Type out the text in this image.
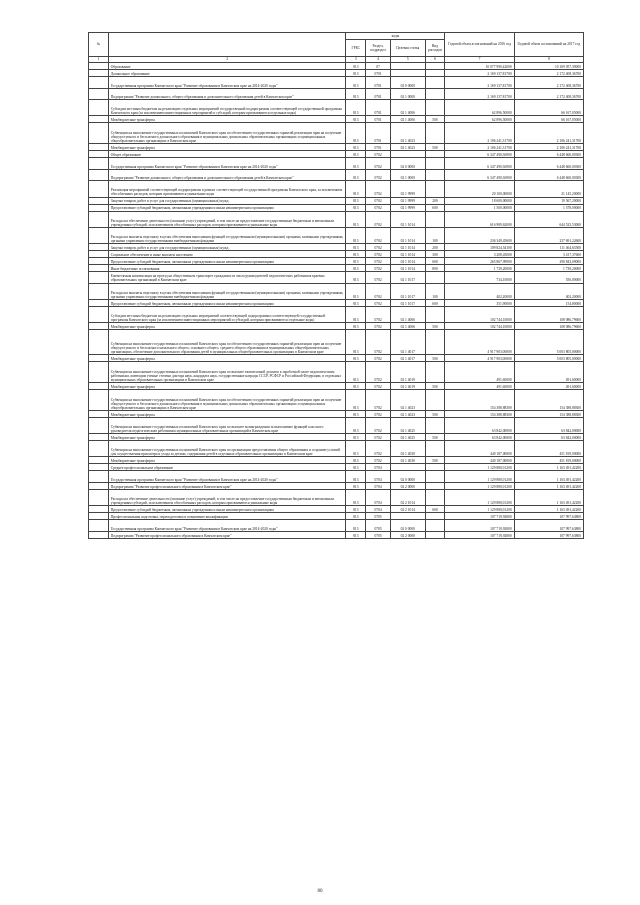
№		коды				Годовой объем ассигнований на 2016 год	Годовой объем ассигнований на 2017 год
		ГРБС	Раздел, подраздел	Целевая статья	Вид расходов		
1	2	3	4	5	6	7	8
	Образование	813	07			10 077 990,42000	10 169 057,39000
	Дошкольное образование	813	0701			2 169 137,81700	2 172 408,36700
	Государственная программа Камчатского края "Развитие образования в Камчатском крае на 2014-2020 годы"	813	0701	02 0 0000		2 169 137,81700	2 172 408,36700
	Подпрограмма "Развитие дошкольного, общего образования и дополнительного образования детей в Камчатском крае"	813	0701	02 1 0000		2 169 137,81700	2 172 408,36700
	Субсидии местным бюджетам на реализацию отдельных мероприятий государственной подпрограммы соответствующей государственной программы Камчатского края (за исключением инвестиционных мероприятий и субсидий, которым присваиваются отдельные коды)	813	0701	02 1 4006		62 896,50000	66 167,05000
	Межбюджетные трансферты	813	0701	02 1 4006	500	62 896,50000	66 167,05000
	Субвенции на выполнение государственных полномочий Камчатского края по обеспечению государственных гарантий реализации прав на получение общедоступного и бесплатного дошкольного образования в муниципальных дошкольных образовательных организациях и муниципальных общеобразовательных организациях в Камчатском крае	813	0701	02 1 4023		2 106 241,31700	2 106 241,31700
	Межбюджетные трансферты	813	0701	02 1 4023	500	2 106 241,31700	2 106 241,31700
	Общее образование	813	0702			6 347 490,36900	6 448 660,00300
	Государственная программа Камчатского края "Развитие образования в Камчатском крае на 2014-2020 годы"	813	0702	02 0 0000		6 347 490,36900	6 448 660,00300
	Подпрограмма "Развитие дошкольного, общего образования и дополнительного образования детей в Камчатском крае"	813	0702	02 1 0000		6 347 490,36900	6 448 660,00300
	Реализация мероприятий соответствующей подпрограммы в рамках соответствующей государственной программы Камчатского края, за исключением обособленных расходов, которым присваиваются уникальные коды	813	0702	02 1 9999		20 100,00000	21 145,20000
	Закупка товаров, работ и услуг для государственных (муниципальных) нужд	813	0702	02 1 9999	200	18 600,00000	19 567,20000
	Предоставление субсидий бюджетным, автономным учреждениям и иным некоммерческим организациям	813	0702	02 1 9999	600	1 500,00000	1 578,00000
	Расходы на обеспечение деятельности (оказание услуг) учреждений, в том числе на предоставление государственным бюджетным и автономным учреждениям субсидий, за исключением обособленных расходов, которым присваиваются уникальные коды	813	0702	02 1 1014		616 989,62000	644 525,53000
	Расходы на выплаты персоналу в целях обеспечения выполнения функций государственными (муниципальными) органами, казенными учреждениями, органами управления государственными внебюджетными фондами	813	0702	02 1 1014	100	236 349,45600	237 691,22600
	Закупка товаров, работ и услуг для государственных (муниципальных) нужд	813	0702	02 1 1014	200	109 824,54100	111 464,63500
	Социальное обеспечение и иные выплаты населению	813	0702	02 1 1014	300	3 208,45000	3 417,37600
	Предоставление субсидий бюджетным, автономным учреждениям и иным некоммерческим организациям	813	0702	02 1 1014	600	265 867,99900	290 843,09000
	Иные бюджетные ассигнования	813	0702	02 1 1014	800	1 739,20000	1 739,20000
	Ежемесячная компенсация на проезд на общественном транспорте гражданам из числа руководителей педагогических работников краевых образовательных организаций в Камчатском крае	813	0702	02 1 1017		734,10000	556,00000
	Расходы на выплаты персоналу в целях обеспечения выполнения функций государственными (муниципальными) органами, казенными учреждениями, органами управления государственными внебюджетными фондами	813	0702	02 1 1017	100	402,20000	402,20000
	Предоставление субсидий бюджетным, автономным учреждениям и иным некоммерческим организациям	813	0702	02 1 1017	600	351,90000	154,80000
	Субсидии местным бюджетам на реализацию отдельных мероприятий соответствующей подпрограммы соответствующей государственной программы Камчатского края (за исключением инвестиционных мероприятий и субсидий, которым присваиваются отдельные коды)	813	0702	02 1 4006		102 744,10000	108 086,79600
	Межбюджетные трансферты	813	0702	02 1 4006	500	102 744,10000	108 086,79600
	Субвенции на выполнение государственных полномочий Камчатского края по обеспечению государственных гарантий реализации прав на получение общедоступного и бесплатного начального общего, основного общего, среднего общего образования в муниципальных общеобразовательных организациях, обеспечение дополнительного образования детей в муниципальных общеобразовательных организациях в Камчатском крае	813	0702	02 1 4017		4 917 903,00000	5 003 805,00000
	Межбюджетные трансферты	813	0702	02 1 4017	500	4 917 903,00000	5 003 805,00000
	Субвенции на выполнение государственных полномочий Камчатского края по выплате ежемесячной доплаты к заработной плате педагогическим работникам, имеющим ученые степени доктора наук, кандидата наук, государственные награды СССР, РСФСР и Российской Федерации, в отдельных муниципальных образовательных организациях в Камчатском крае	813	0702	02 1 4019		491,60000	491,60000
	Межбюджетные трансферты	813	0702	02 1 4019	500	491,60000	491,60000
	Субвенции на выполнение государственных полномочий Камчатского края по обеспечению государственных гарантий реализации прав на получение общедоступного и бесплатного дошкольного образования в муниципальных дошкольных образовательных организациях и муниципальных общеобразовательных организациях в Камчатском крае	813	0702	02 1 4023		154 388,88300	154 388,88300
	Межбюджетные трансферты	813	0702	02 1 4023	500	154 388,88300	154 388,88300
	Субвенции на выполнение государственных полномочий Камчатского края по выплате вознаграждения за выполнение функций классного руководителя педагогическим работникам муниципальных образовательных организаций в Камчатском крае	813	0702	02 1 4025		63 842,00000	63 842,00000
	Межбюджетные трансферты	813	0702	02 1 4025	500	63 842,00000	63 842,00000
	Субвенции на выполнение государственных полномочий Камчатского края по организации предоставления общего образования и созданию условий для осуществления присмотра и ухода за детьми, содержания детей в отдельных образовательных организациях в Камчатском крае	813	0702	02 1 4030		440 187,00000	451 819,00000
	Межбюджетные трансферты	813	0702	02 1 4030	500	440 187,00000	451 819,00000
	Среднее профессиональное образование	813	0704			1 129 880,01200	1 163 491,42200
	Государственная программа Камчатского края "Развитие образования в Камчатском крае на 2014-2020 годы"	813	0704	02 0 0000		1 129 880,01200	1 163 491,42200
	Подпрограмма "Развитие профессионального образования в Камчатском крае"	813	0704	02 2 0000		1 129 880,01200	1 163 491,42200
	Расходы на обеспечение деятельности (оказание услуг) учреждений, в том числе на предоставление государственным бюджетным и автономным учреждениям субсидий, за исключением обособленных расходов, которым присваиваются уникальные коды	813	0704	02 2 1014		1 129 880,01200	1 163 491,42200
	Предоставление субсидий бюджетным, автономным учреждениям и иным некоммерческим организациям	813	0704	02 2 1014	600	1 129 880,01200	1 163 491,42200
	Профессиональная подготовка, переподготовка и повышение квалификации	813	0705			107 719,92800	107 997,63800
	Государственная программа Камчатского края "Развитие образования в Камчатском крае на 2014-2020 годы"	813	0705	02 0 0000		107 719,92800	107 997,63800
	Подпрограмма "Развитие профессионального образования в Камчатском крае"	813	0705	02 2 0000		107 719,92800	107 997,63800
80
